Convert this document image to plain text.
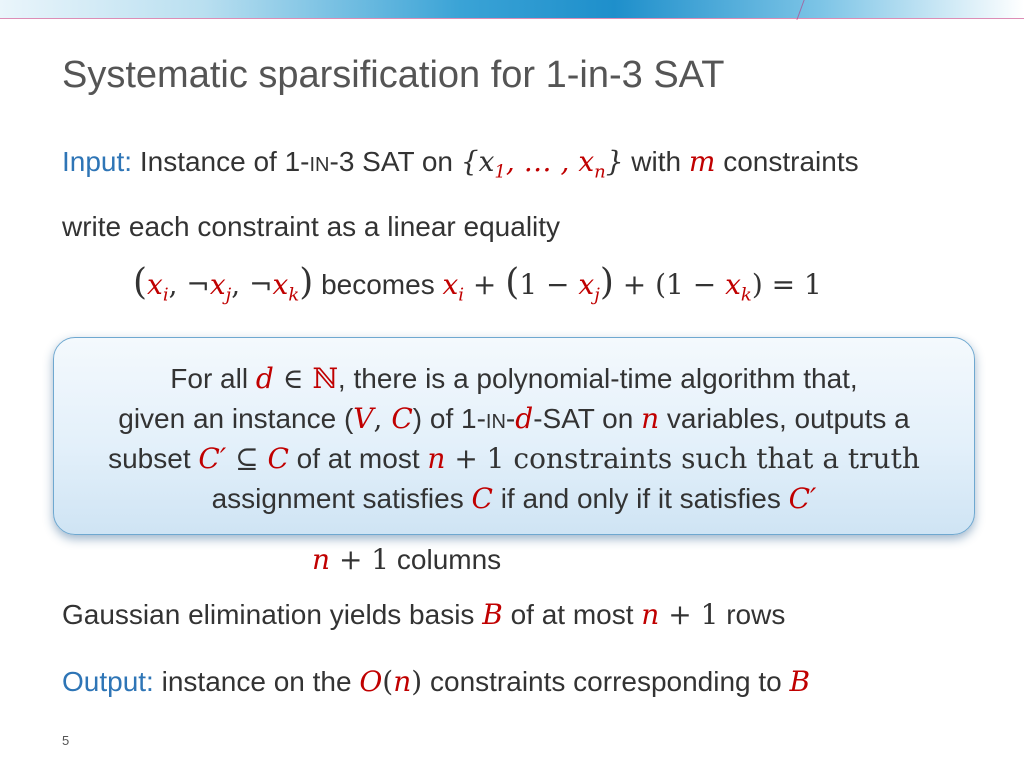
Systematic sparsification for 1-in-3 SAT
Input: Instance of 1-IN-3 SAT on {$x_1$, … , $x_n$} with m constraints
write each constraint as a linear equality
($x_i$, $\neg x_j$, $\neg x_k$) becomes $x_i + (1 - x_j) + (1 - x_k) = 1$
For all d ∈ ℕ, there is a polynomial-time algorithm that,
given an instance (V, C) of 1-IN-d-SAT on n variables, outputs a
subset C′ ⊆ C of at most n + 1 constraints such that a truth
assignment satisfies C if and only if it satisfies C′
n + 1 columns
Gaussian elimination yields basis B of at most n + 1 rows
Output: instance on the O(n) constraints corresponding to B
5
